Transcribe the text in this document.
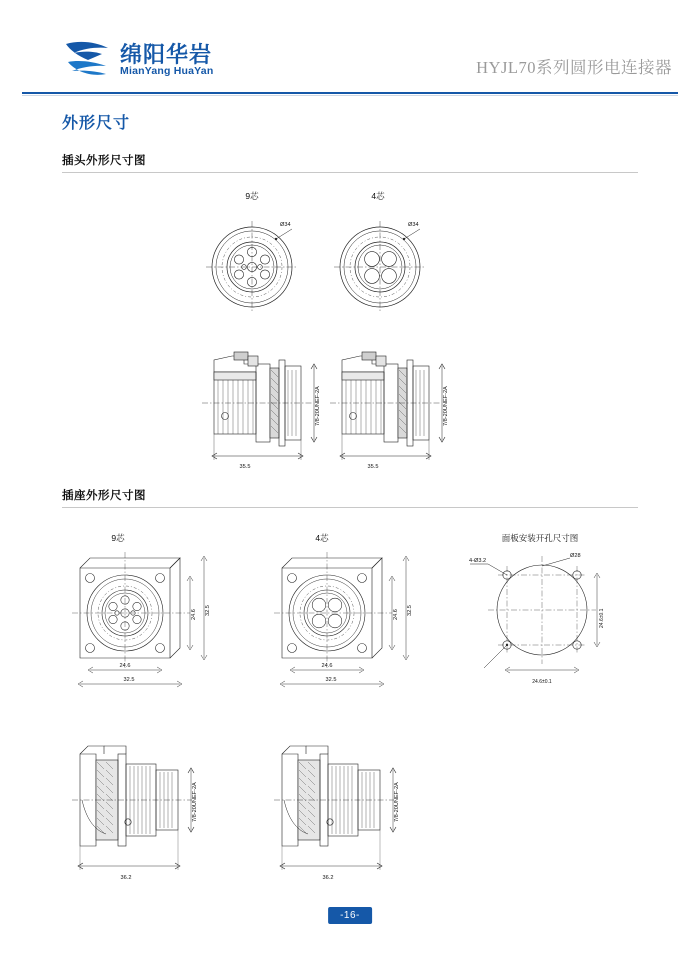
绵阳华岩
MianYang HuaYan	HYJL70系列圆形电连接器
外形尺寸
插头外形尺寸图
9芯	4芯
Ø34	Ø34
7/8-20UNEF-2A
35.5
7/8-20UNEF-2A
35.5
插座外形尺寸图
9芯	4芯	面板安装开孔尺寸图
24.6 32.5
24.6
32.5
24.6 32.5
24.6
32.5
4-Ø3.2
Ø28
24.6±0.1
24.6±0.1
7/8-20UNEF-2A
36.2
7/8-20UNEF-2A
36.2
-16-
